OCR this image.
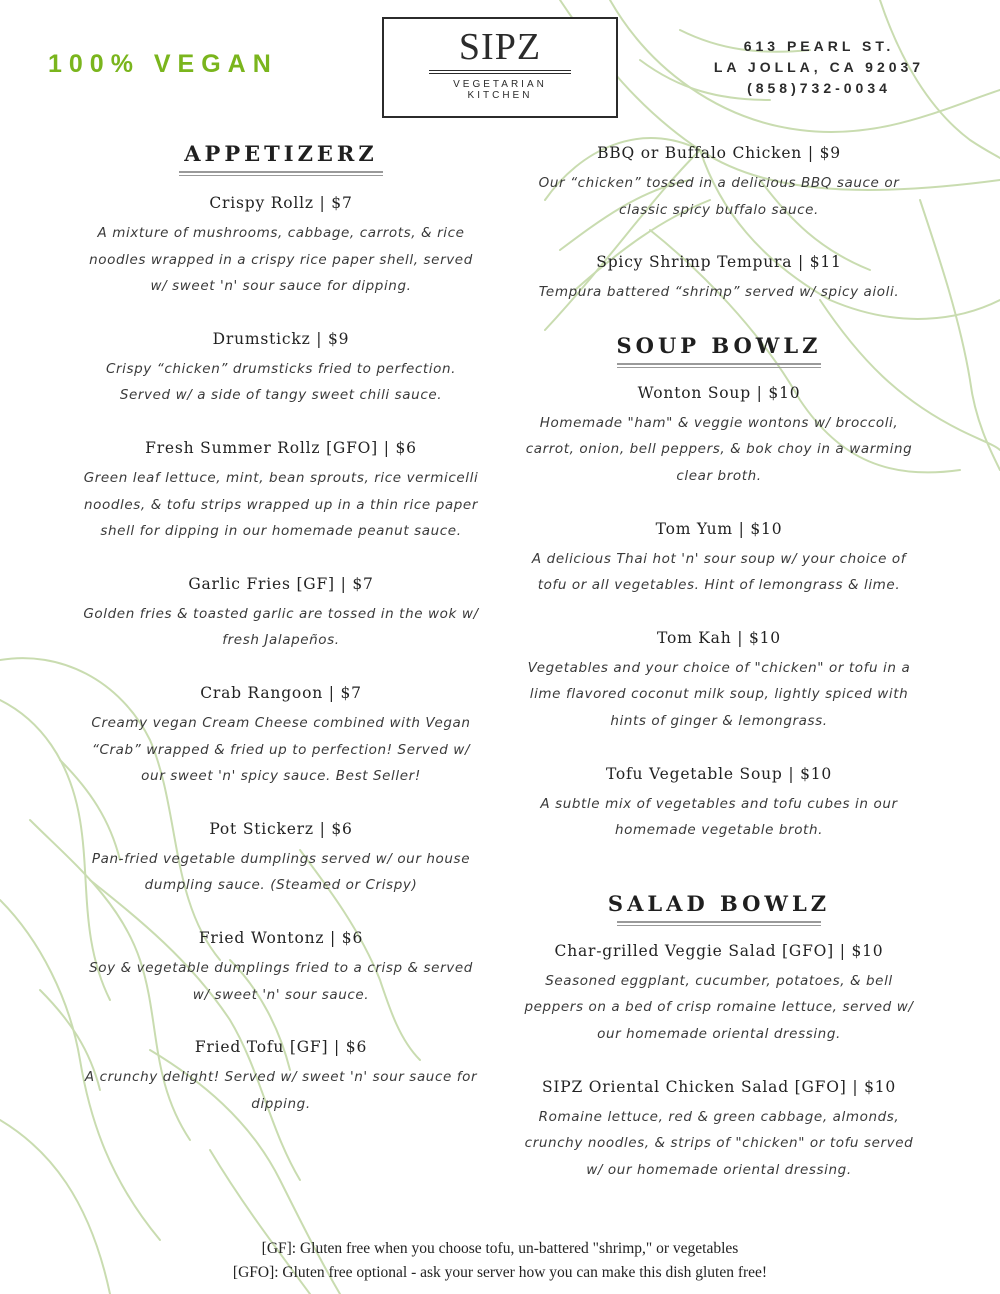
100% VEGAN	SIPZ
VEGETARIAN KITCHEN
613 PEARL ST.
LA JOLLA, CA 92037
(858)732-0034
APPETIZERZ
Crispy Rollz | $7
A mixture of mushrooms, cabbage, carrots, & rice noodles wrapped in a crispy rice paper shell, served w/ sweet 'n' sour sauce for dipping.
Drumstickz | $9
Crispy “chicken” drumsticks fried to perfection. Served w/ a side of tangy sweet chili sauce.
Fresh Summer Rollz [GFO] | $6
Green leaf lettuce, mint, bean sprouts, rice vermicelli noodles, & tofu strips wrapped up in a thin rice paper shell for dipping in our homemade peanut sauce.
Garlic Fries [GF] | $7
Golden fries & toasted garlic are tossed in the wok w/ fresh Jalapeños.
Crab Rangoon | $7
Creamy vegan Cream Cheese combined with Vegan “Crab” wrapped & fried up to perfection! Served w/ our sweet 'n' spicy sauce. Best Seller!
Pot Stickerz | $6
Pan-fried vegetable dumplings served w/ our house dumpling sauce. (Steamed or Crispy)
Fried Wontonz | $6
Soy & vegetable dumplings fried to a crisp & served w/ sweet 'n' sour sauce.
Fried Tofu [GF] | $6
A crunchy delight! Served w/ sweet 'n' sour sauce for dipping.
BBQ or Buffalo Chicken | $9
Our “chicken” tossed in a delicious BBQ sauce or classic spicy buffalo sauce.
Spicy Shrimp Tempura | $11
Tempura battered “shrimp” served w/ spicy aioli.
SOUP BOWLZ
Wonton Soup | $10
Homemade "ham" & veggie wontons w/ broccoli, carrot, onion, bell peppers, & bok choy in a warming clear broth.
Tom Yum | $10
A delicious Thai hot 'n' sour soup w/ your choice of tofu or all vegetables. Hint of lemongrass & lime.
Tom Kah | $10
Vegetables and your choice of "chicken" or tofu in a lime flavored coconut milk soup, lightly spiced with hints of ginger & lemongrass.
Tofu Vegetable Soup | $10
A subtle mix of vegetables and tofu cubes in our homemade vegetable broth.
SALAD BOWLZ
Char-grilled Veggie Salad [GFO] | $10
Seasoned eggplant, cucumber, potatoes, & bell peppers on a bed of crisp romaine lettuce, served w/ our homemade oriental dressing.
SIPZ Oriental Chicken Salad [GFO] | $10
Romaine lettuce, red & green cabbage, almonds, crunchy noodles, & strips of "chicken" or tofu served w/ our homemade oriental dressing.
[GF]: Gluten free when you choose tofu, un-battered "shrimp," or vegetables
[GFO]: Gluten free optional - ask your server how you can make this dish gluten free!
